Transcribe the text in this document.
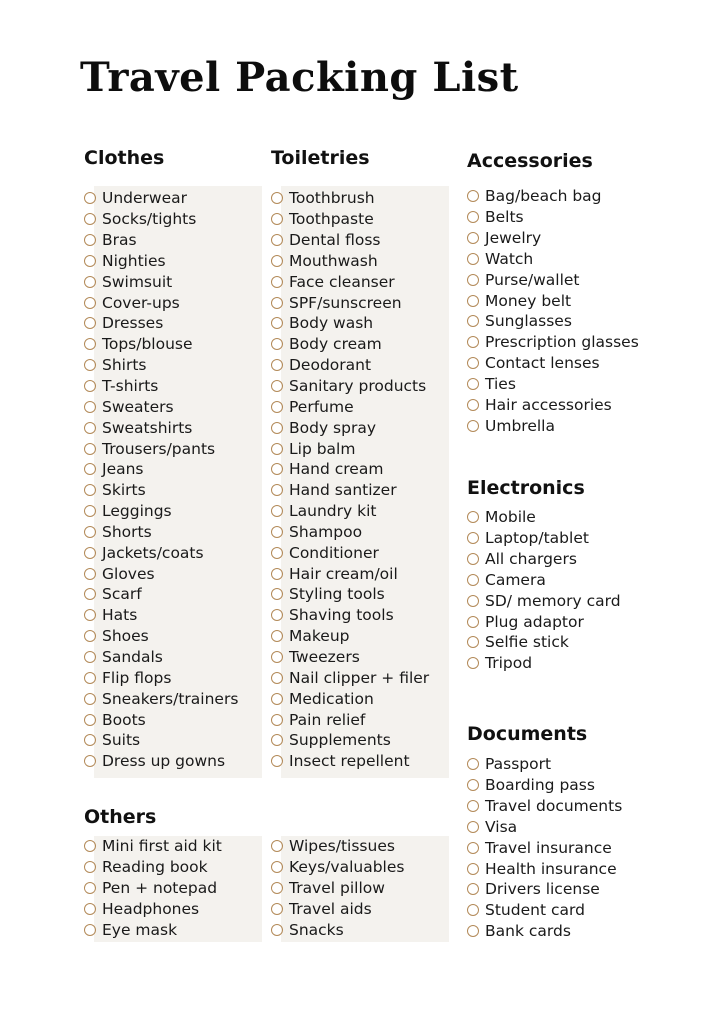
Travel Packing List
Clothes	Toiletries	Accessories
Electronics
Documents
Others
Underwear
Socks/tights
Bras
Nighties
Swimsuit
Cover-ups
Dresses
Tops/blouse
Shirts
T-shirts
Sweaters
Sweatshirts
Trousers/pants
Jeans
Skirts
Leggings
Shorts
Jackets/coats
Gloves
Scarf
Hats
Shoes
Sandals
Flip flops
Sneakers/trainers
Boots
Suits
Dress up gowns
Toothbrush
Toothpaste
Dental floss
Mouthwash
Face cleanser
SPF/sunscreen
Body wash
Body cream
Deodorant
Sanitary products
Perfume
Body spray
Lip balm
Hand cream
Hand santizer
Laundry kit
Shampoo
Conditioner
Hair cream/oil
Styling tools
Shaving tools
Makeup
Tweezers
Nail clipper + filer
Medication
Pain relief
Supplements
Insect repellent
Bag/beach bag
Belts
Jewelry
Watch
Purse/wallet
Money belt
Sunglasses
Prescription glasses
Contact lenses
Ties
Hair accessories
Umbrella
Mobile
Laptop/tablet
All chargers
Camera
SD/ memory card
Plug adaptor
Selfie stick
Tripod
Passport
Boarding pass
Travel documents
Visa
Travel insurance
Health insurance
Drivers license
Student card
Bank cards
Mini first aid kit
Reading book
Pen + notepad
Headphones
Eye mask
Wipes/tissues
Keys/valuables
Travel pillow
Travel aids
Snacks
